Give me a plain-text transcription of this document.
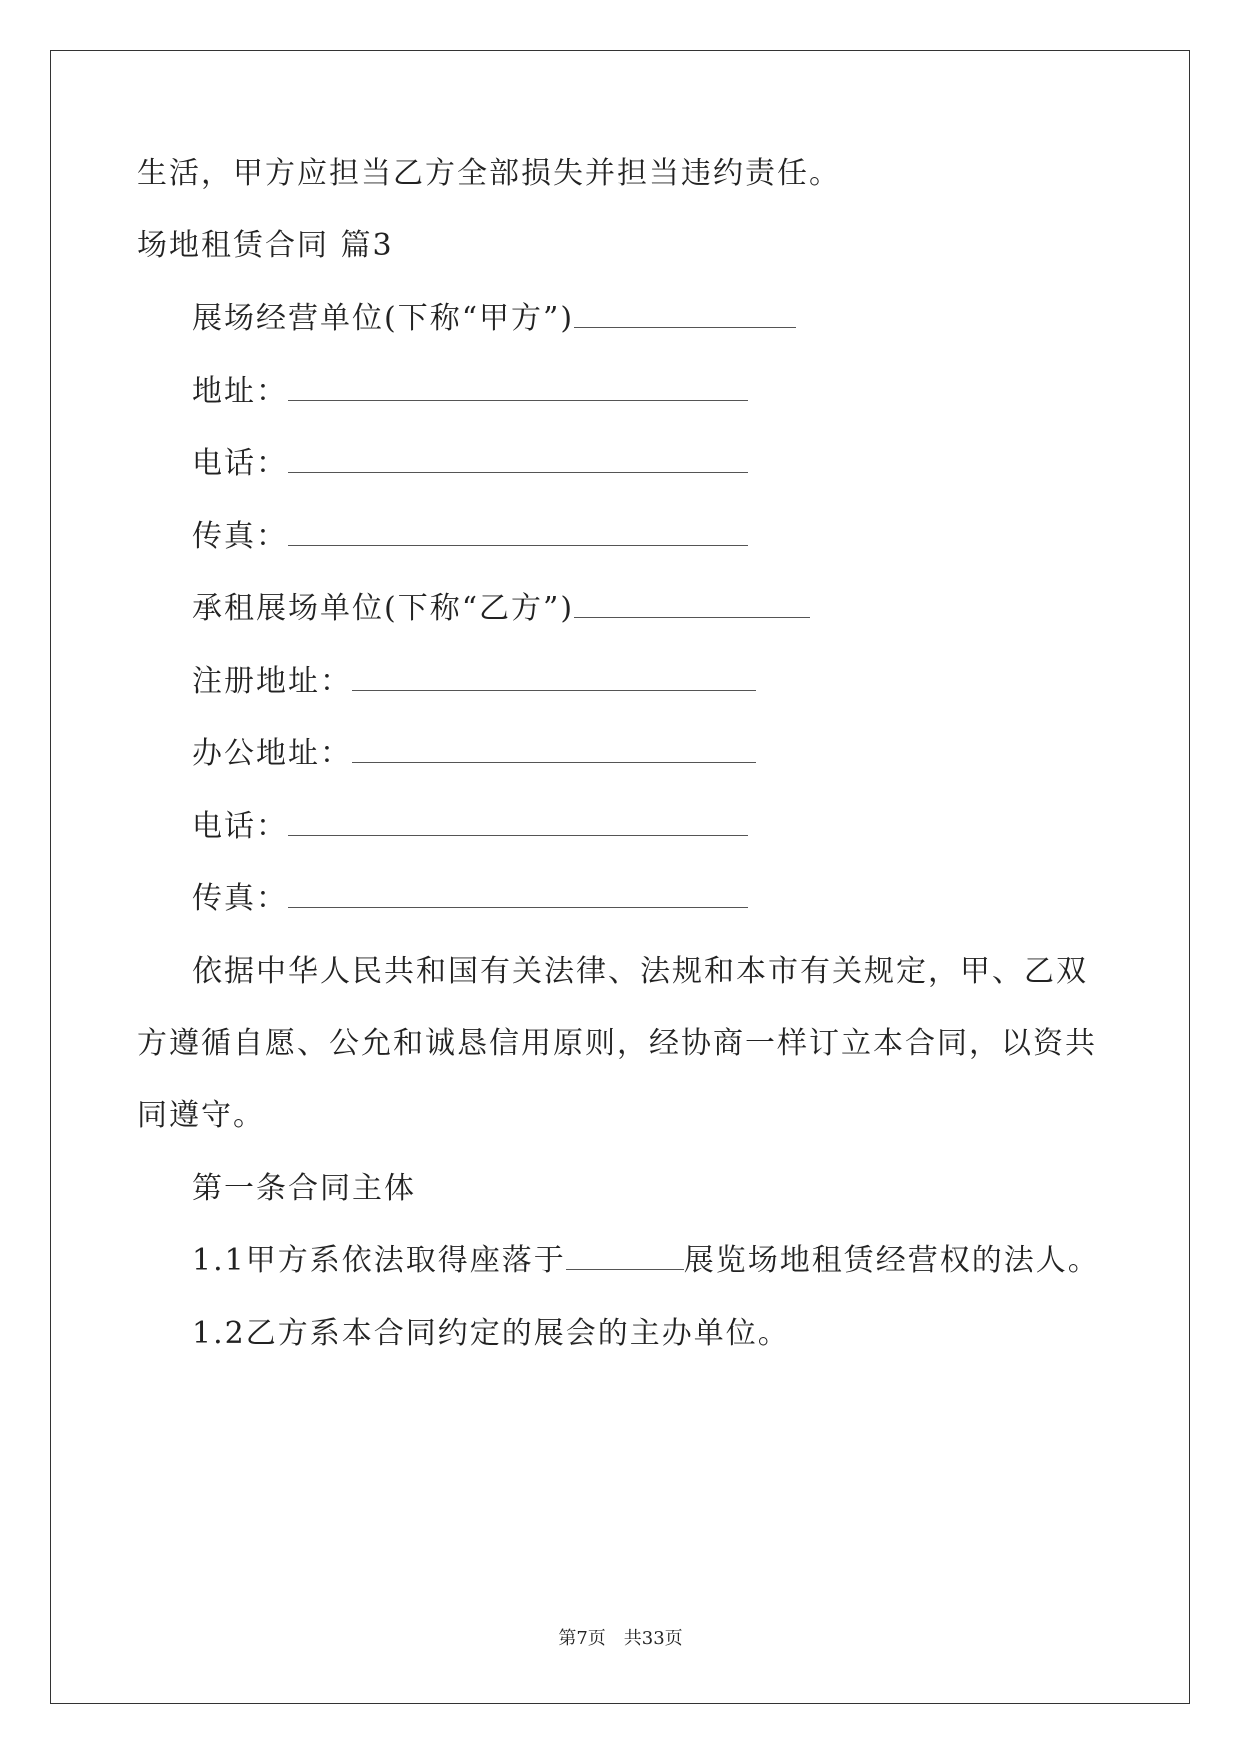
生活，甲方应担当乙方全部损失并担当违约责任。
场地租赁合同 篇3
展场经营单位(下称“甲方”)
地址：
电话：
传真：
承租展场单位(下称“乙方”)
注册地址：
办公地址：
电话：
传真：
依据中华人民共和国有关法律、法规和本市有关规定，甲、乙双
方遵循自愿、公允和诚恳信用原则，经协商一样订立本合同，以资共
同遵守。
第一条合同主体
1.1甲方系依法取得座落于	展览场地租赁经营权的法人。
1.2乙方系本合同约定的展会的主办单位。
第7页　共33页
